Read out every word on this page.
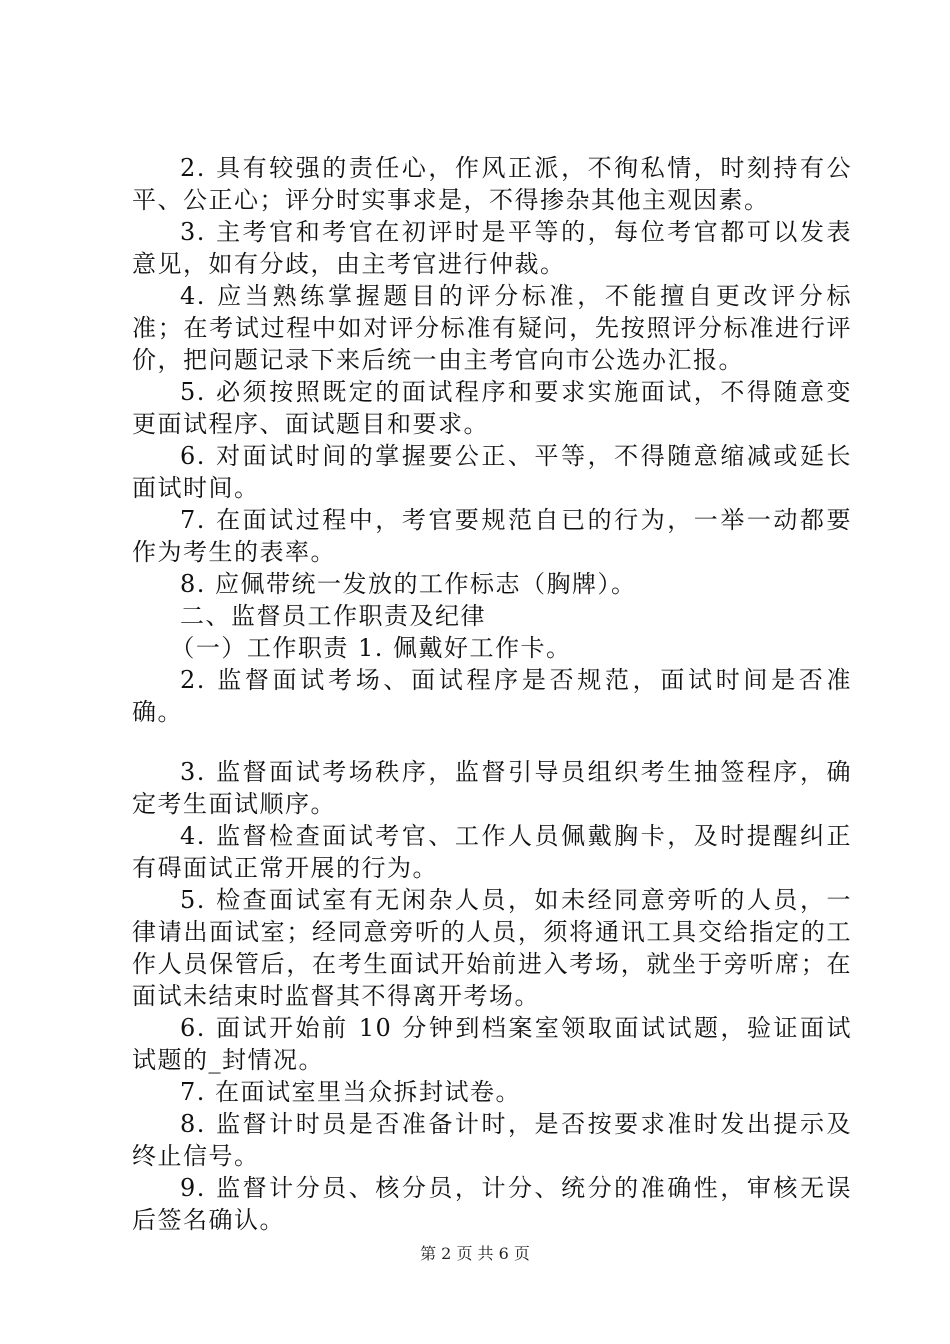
2. 具有较强的责任心，作风正派，不徇私情，时刻持有公平、公正心；评分时实事求是，不得掺杂其他主观因素。

3. 主考官和考官在初评时是平等的，每位考官都可以发表意见，如有分歧，由主考官进行仲裁。

4. 应当熟练掌握题目的评分标准，不能擅自更改评分标准；在考试过程中如对评分标准有疑问，先按照评分标准进行评价，把问题记录下来后统一由主考官向市公选办汇报。

5. 必须按照既定的面试程序和要求实施面试，不得随意变更面试程序、面试题目和要求。

6. 对面试时间的掌握要公正、平等，不得随意缩减或延长面试时间。

7. 在面试过程中，考官要规范自已的行为，一举一动都要作为考生的表率。

8. 应佩带统一发放的工作标志（胸牌）。

二、监督员工作职责及纪律

（一）工作职责 1. 佩戴好工作卡。

2. 监督面试考场、面试程序是否规范，面试时间是否准确。

3. 监督面试考场秩序，监督引导员组织考生抽签程序，确定考生面试顺序。

4. 监督检查面试考官、工作人员佩戴胸卡，及时提醒纠正有碍面试正常开展的行为。

5. 检查面试室有无闲杂人员，如未经同意旁听的人员，一律请出面试室；经同意旁听的人员，须将通讯工具交给指定的工作人员保管后，在考生面试开始前进入考场，就坐于旁听席；在面试未结束时监督其不得离开考场。

6. 面试开始前 10 分钟到档案室领取面试试题，验证面试试题的_封情况。

7. 在面试室里当众拆封试卷。

8. 监督计时员是否准备计时，是否按要求准时发出提示及终止信号。

9. 监督计分员、核分员，计分、统分的准确性，审核无误后签名确认。

第 2 页 共 6 页
